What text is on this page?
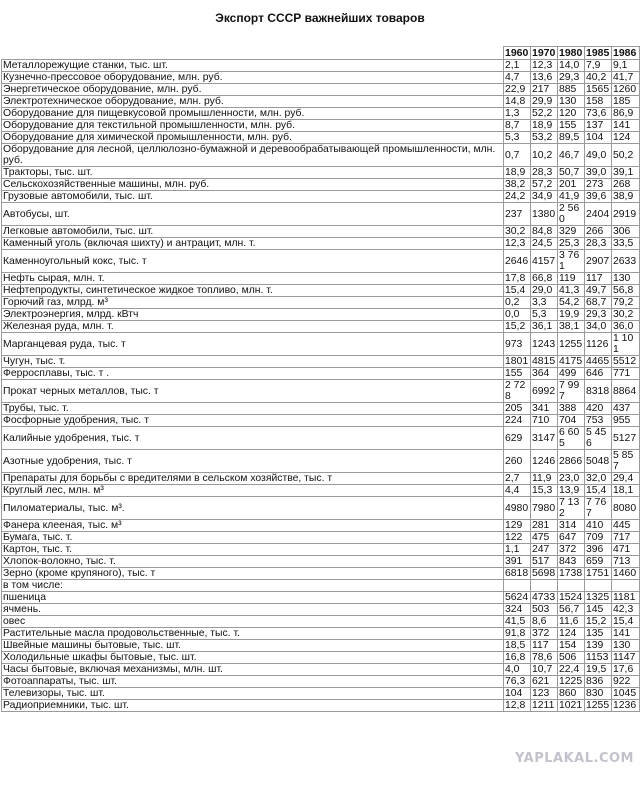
Экспорт СССР важнейших товаров
	1960	1970	1980	1985	1986
Металлорежущие станки, тыс. шт.	2,1	12,3	14,0	7,9	9,1
Кузнечно-прессовое оборудование, млн. руб.	4,7	13,6	29,3	40,2	41,7
Энергетическое оборудование, млн. руб.	22,9	217	885	1565	1260
Электротехническое оборудование, млн. руб.	14,8	29,9	130	158	185
Оборудование для пищевкусовой промышленности, млн. руб.	1,3	52,2	120	73,6	86,9
Оборудование для текстильной промышленности, млн. руб.	8,7	18,9	155	137	141
Оборудование для химической промышленности, млн. руб.	5,3	53,2	89,5	104	124
Оборудование для лесной, целлюлозно-бумажной и деревообрабатывающей промышленности, млн. руб.	0,7	10,2	46,7	49,0	50,2
Тракторы, тыс. шт.	18,9	28,3	50,7	39,0	39,1
Сельскохозяйственные машины, млн. руб.	38,2	57,2	201	273	268
Грузовые автомобили, тыс. шт.	24,2	34,9	41,9	39,6	38,9
Автобусы, шт.	237	1380	2 560	2404	2919
Легковые автомобили, тыс. шт.	30,2	84,8	329	266	306
Каменный уголь (включая шихту) и антрацит, млн. т.	12,3	24,5	25,3	28,3	33,5
Каменноугольный кокс, тыс. т	2646	4157	3 761	2907	2633
Нефть сырая, млн. т.	17,8	66,8	119	117	130
Нефтепродукты, синтетическое жидкое топливо, млн. т.	15,4	29,0	41,3	49,7	56,8
Горючий газ, млрд. м³	0,2	3,3	54,2	68,7	79,2
Электроэнергия, млрд. кВтч	0,0	5,3	19,9	29,3	30,2
Железная руда, млн. т.	15,2	36,1	38,1	34,0	36,0
Марганцевая руда, тыс. т	973	1243	1255	1126	1 101
Чугун, тыс. т.	1801	4815	4175	4465	5512
Ферросплавы, тыс. т .	155	364	499	646	771
Прокат черных металлов, тыс. т	2 728	6992	7 997	8318	8864
Трубы, тыс. т.	205	341	388	420	437
Фосфорные удобрения, тыс. т	224	710	704	753	955
Калийные удобрения, тыс. т	629	3147	6 605	5 456	5127
Азотные удобрения, тыс. т	260	1246	2866	5048	5 857
Препараты для борьбы с вредителями в сельском хозяйстве, тыс. т	2,7	11,9	23,0	32,0	29,4
Круглый лес, млн. м³	4,4	15,3	13,9	15,4	18,1
Пиломатериалы, тыс. м³.	4980	7980	7 132	7 767	8080
Фанера клееная, тыс. м³	129	281	314	410	445
Бумага, тыс. т.	122	475	647	709	717
Картон, тыс. т.	1,1	247	372	396	471
Хлопок-волокно, тыс. т.	391	517	843	659	713
Зерно (кроме крупяного), тыс. т	6818	5698	1738	1751	1460
в том числе:					
пшеница	5624	4733	1524	1325	1181
ячмень.	324	503	56,7	145	42,3
овес	41,5	8,6	11,6	15,2	15,4
Растительные масла продовольственные, тыс. т.	91,8	372	124	135	141
Швейные машины бытовые, тыс. шт.	18,5	117	154	139	130
Холодильные шкафы бытовые, тыс. шт.	16,8	78,6	506	1153	1147
Часы бытовые, включая механизмы, млн. шт.	4,0	10,7	22,4	19,5	17,6
Фотоаппараты, тыс. шт.	76,3	621	1225	836	922
Телевизоры, тыс. шт.	104	123	860	830	1045
Радиоприемники, тыс. шт.	12,8	1211	1021	1255	1236
YAPLAKAL.COM
